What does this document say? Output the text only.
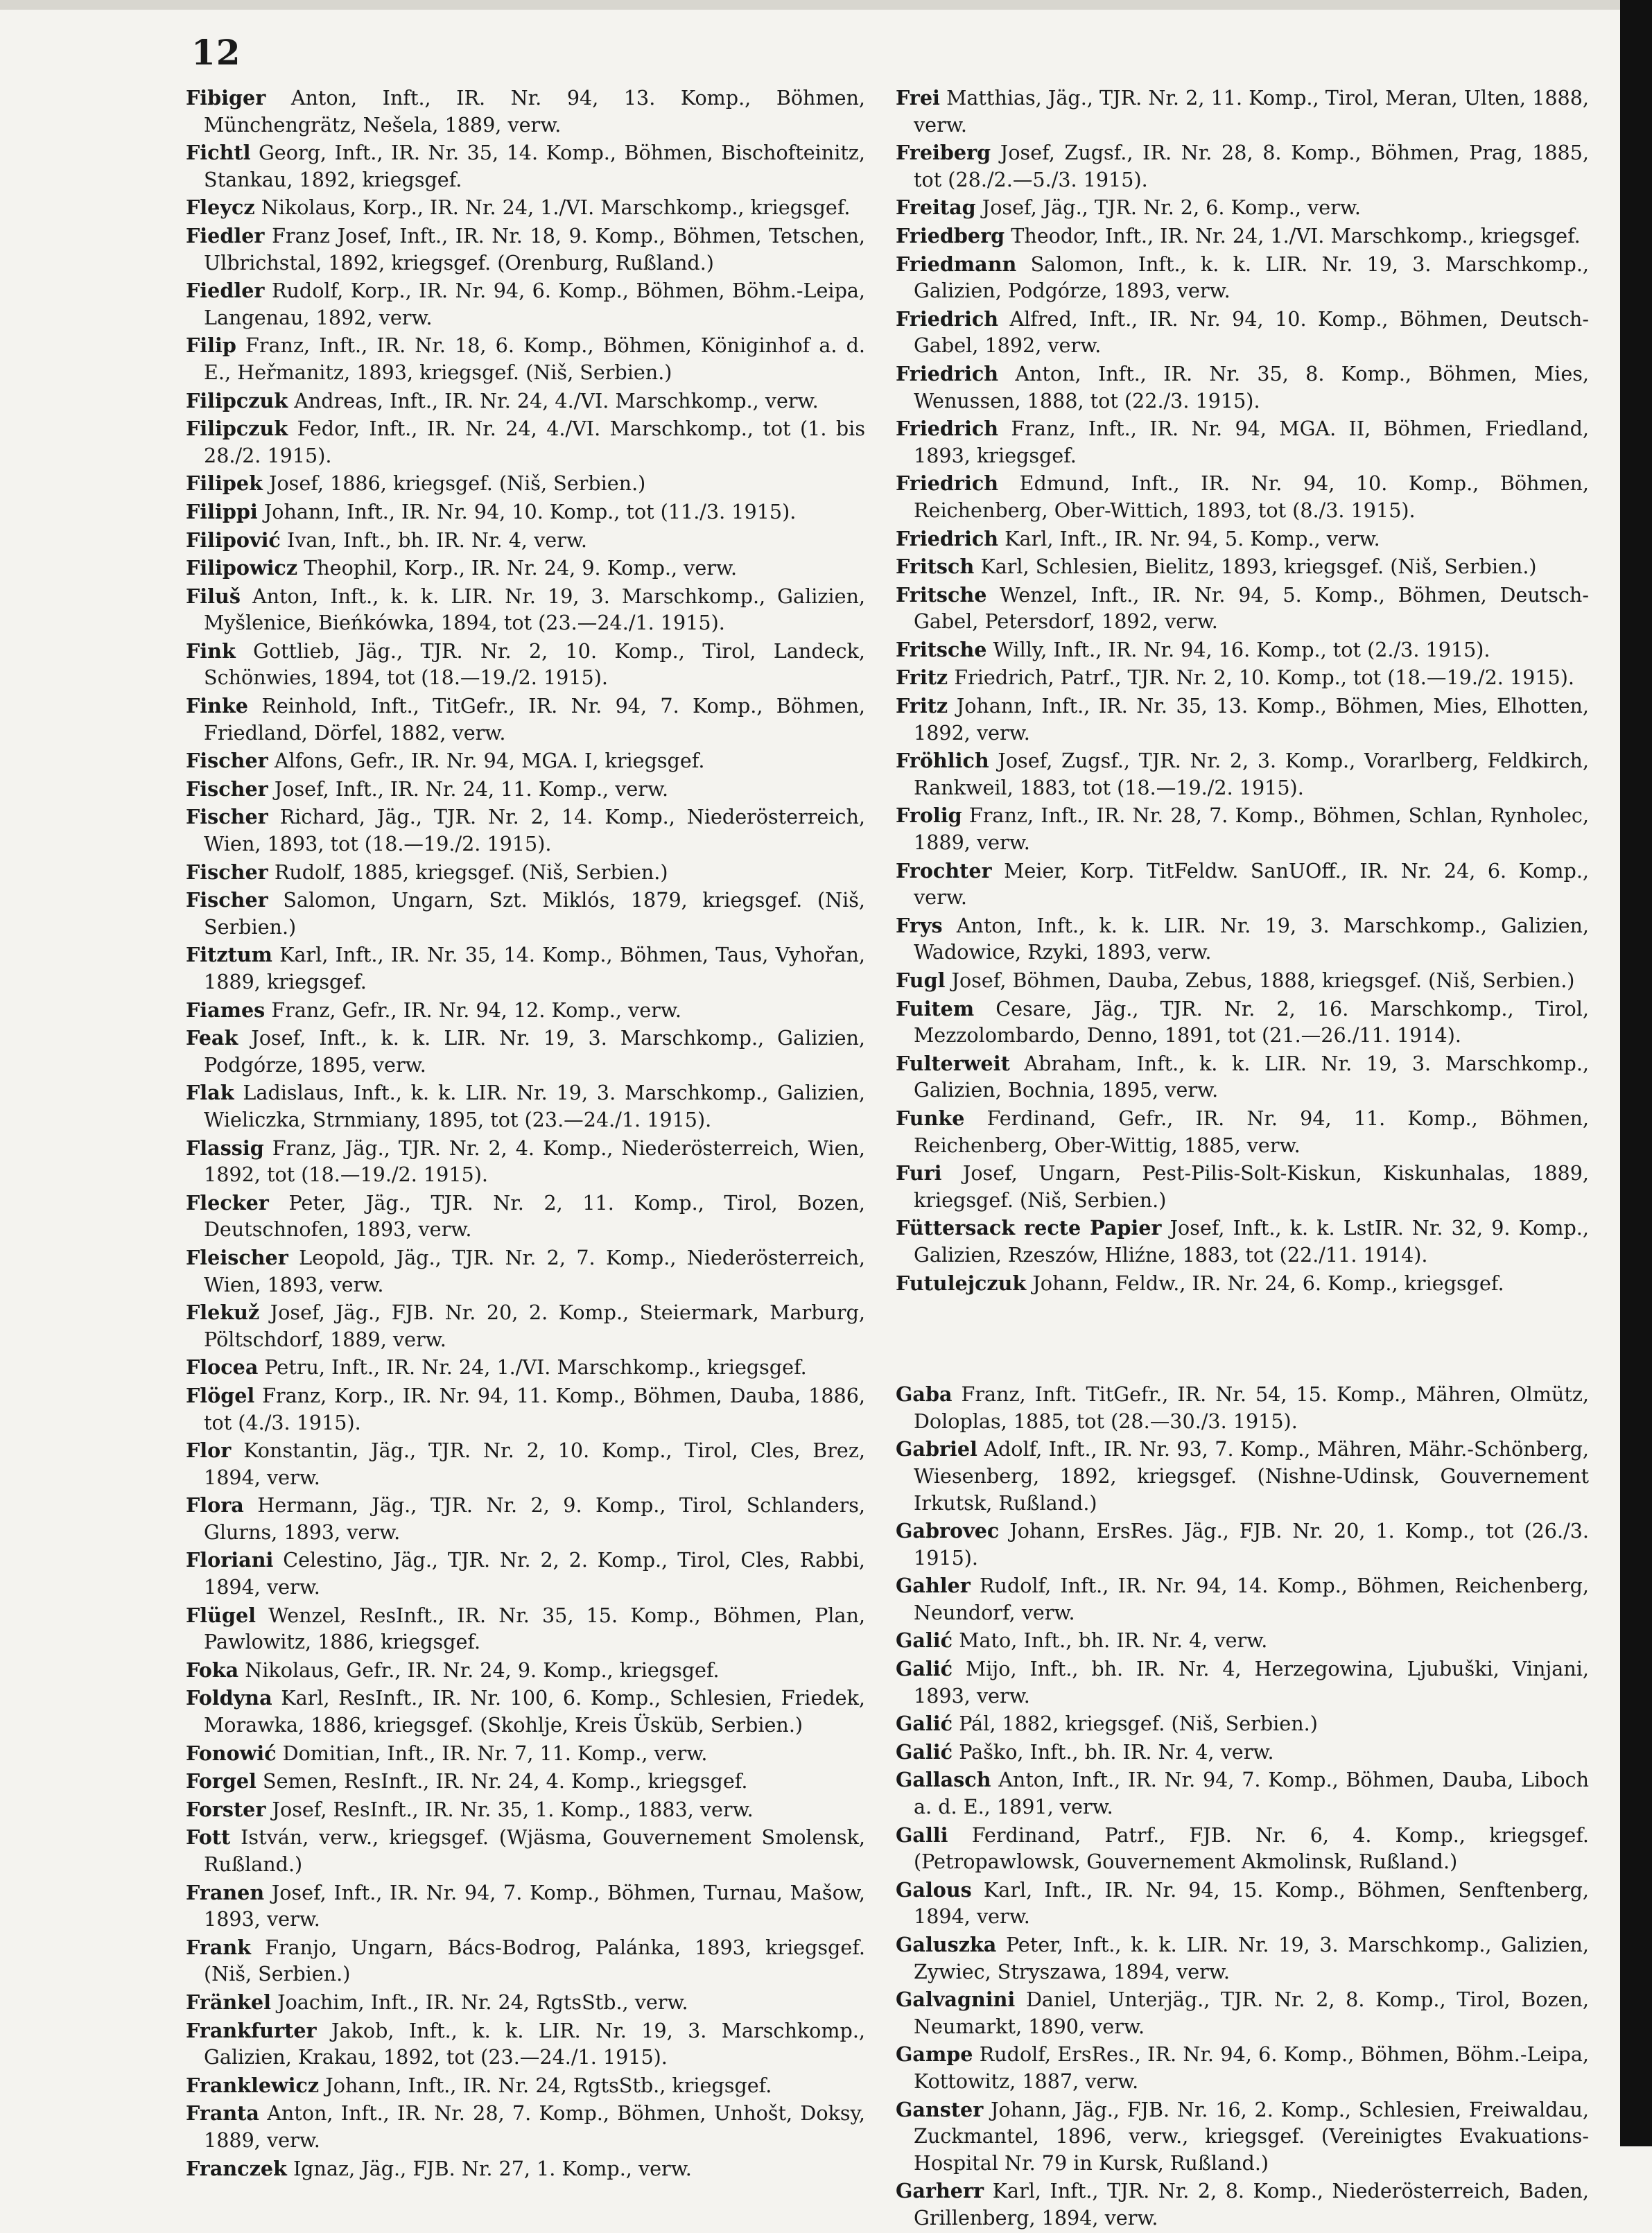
12
Fibiger Anton, Inft., IR. Nr. 94, 13. Komp., Böhmen, Münchengrätz, Nešela, 1889, verw.
Fichtl Georg, Inft., IR. Nr. 35, 14. Komp., Böhmen, Bischofteinitz, Stankau, 1892, kriegsgef.
Fleycz Nikolaus, Korp., IR. Nr. 24, 1./VI. Marschkomp., kriegsgef.
Fiedler Franz Josef, Inft., IR. Nr. 18, 9. Komp., Böhmen, Tetschen, Ulbrichstal, 1892, kriegsgef. (Orenburg, Rußland.)
Fiedler Rudolf, Korp., IR. Nr. 94, 6. Komp., Böhmen, Böhm.-Leipa, Langenau, 1892, verw.
Filip Franz, Inft., IR. Nr. 18, 6. Komp., Böhmen, Königinhof a. d. E., Heřmanitz, 1893, kriegsgef. (Niš, Serbien.)
Filipczuk Andreas, Inft., IR. Nr. 24, 4./VI. Marschkomp., verw.
Filipczuk Fedor, Inft., IR. Nr. 24, 4./VI. Marschkomp., tot (1. bis 28./2. 1915).
Filipek Josef, 1886, kriegsgef. (Niš, Serbien.)
Filippi Johann, Inft., IR. Nr. 94, 10. Komp., tot (11./3. 1915).
Filipović Ivan, Inft., bh. IR. Nr. 4, verw.
Filipowicz Theophil, Korp., IR. Nr. 24, 9. Komp., verw.
Filuš Anton, Inft., k. k. LIR. Nr. 19, 3. Marschkomp., Galizien, Myšlenice, Bieńkówka, 1894, tot (23.—24./1. 1915).
Fink Gottlieb, Jäg., TJR. Nr. 2, 10. Komp., Tirol, Landeck, Schönwies, 1894, tot (18.—19./2. 1915).
Finke Reinhold, Inft., TitGefr., IR. Nr. 94, 7. Komp., Böhmen, Friedland, Dörfel, 1882, verw.
Fischer Alfons, Gefr., IR. Nr. 94, MGA. I, kriegsgef.
Fischer Josef, Inft., IR. Nr. 24, 11. Komp., verw.
Fischer Richard, Jäg., TJR. Nr. 2, 14. Komp., Niederösterreich, Wien, 1893, tot (18.—19./2. 1915).
Fischer Rudolf, 1885, kriegsgef. (Niš, Serbien.)
Fischer Salomon, Ungarn, Szt. Miklós, 1879, kriegsgef. (Niš, Serbien.)
Fitztum Karl, Inft., IR. Nr. 35, 14. Komp., Böhmen, Taus, Vyhořan, 1889, kriegsgef.
Fiames Franz, Gefr., IR. Nr. 94, 12. Komp., verw.
Feak Josef, Inft., k. k. LIR. Nr. 19, 3. Marschkomp., Galizien, Podgórze, 1895, verw.
Flak Ladislaus, Inft., k. k. LIR. Nr. 19, 3. Marschkomp., Galizien, Wieliczka, Strnmiany, 1895, tot (23.—24./1. 1915).
Flassig Franz, Jäg., TJR. Nr. 2, 4. Komp., Niederösterreich, Wien, 1892, tot (18.—19./2. 1915).
Flecker Peter, Jäg., TJR. Nr. 2, 11. Komp., Tirol, Bozen, Deutschnofen, 1893, verw.
Fleischer Leopold, Jäg., TJR. Nr. 2, 7. Komp., Niederösterreich, Wien, 1893, verw.
Flekuž Josef, Jäg., FJB. Nr. 20, 2. Komp., Steiermark, Marburg, Pöltschdorf, 1889, verw.
Flocea Petru, Inft., IR. Nr. 24, 1./VI. Marschkomp., kriegsgef.
Flögel Franz, Korp., IR. Nr. 94, 11. Komp., Böhmen, Dauba, 1886, tot (4./3. 1915).
Flor Konstantin, Jäg., TJR. Nr. 2, 10. Komp., Tirol, Cles, Brez, 1894, verw.
Flora Hermann, Jäg., TJR. Nr. 2, 9. Komp., Tirol, Schlanders, Glurns, 1893, verw.
Floriani Celestino, Jäg., TJR. Nr. 2, 2. Komp., Tirol, Cles, Rabbi, 1894, verw.
Flügel Wenzel, ResInft., IR. Nr. 35, 15. Komp., Böhmen, Plan, Pawlowitz, 1886, kriegsgef.
Foka Nikolaus, Gefr., IR. Nr. 24, 9. Komp., kriegsgef.
Foldyna Karl, ResInft., IR. Nr. 100, 6. Komp., Schlesien, Friedek, Morawka, 1886, kriegsgef. (Skohlje, Kreis Üsküb, Serbien.)
Fonowić Domitian, Inft., IR. Nr. 7, 11. Komp., verw.
Forgel Semen, ResInft., IR. Nr. 24, 4. Komp., kriegsgef.
Forster Josef, ResInft., IR. Nr. 35, 1. Komp., 1883, verw.
Fott István, verw., kriegsgef. (Wjäsma, Gouvernement Smolensk, Rußland.)
Franen Josef, Inft., IR. Nr. 94, 7. Komp., Böhmen, Turnau, Mašow, 1893, verw.
Frank Franjo, Ungarn, Bács-Bodrog, Palánka, 1893, kriegsgef. (Niš, Serbien.)
Fränkel Joachim, Inft., IR. Nr. 24, RgtsStb., verw.
Frankfurter Jakob, Inft., k. k. LIR. Nr. 19, 3. Marschkomp., Galizien, Krakau, 1892, tot (23.—24./1. 1915).
Franklewicz Johann, Inft., IR. Nr. 24, RgtsStb., kriegsgef.
Franta Anton, Inft., IR. Nr. 28, 7. Komp., Böhmen, Unhošt, Doksy, 1889, verw.
Franczek Ignaz, Jäg., FJB. Nr. 27, 1. Komp., verw.
Frei Matthias, Jäg., TJR. Nr. 2, 11. Komp., Tirol, Meran, Ulten, 1888, verw.
Freiberg Josef, Zugsf., IR. Nr. 28, 8. Komp., Böhmen, Prag, 1885, tot (28./2.—5./3. 1915).
Freitag Josef, Jäg., TJR. Nr. 2, 6. Komp., verw.
Friedberg Theodor, Inft., IR. Nr. 24, 1./VI. Marschkomp., kriegsgef.
Friedmann Salomon, Inft., k. k. LIR. Nr. 19, 3. Marschkomp., Galizien, Podgórze, 1893, verw.
Friedrich Alfred, Inft., IR. Nr. 94, 10. Komp., Böhmen, Deutsch-Gabel, 1892, verw.
Friedrich Anton, Inft., IR. Nr. 35, 8. Komp., Böhmen, Mies, Wenussen, 1888, tot (22./3. 1915).
Friedrich Franz, Inft., IR. Nr. 94, MGA. II, Böhmen, Friedland, 1893, kriegsgef.
Friedrich Edmund, Inft., IR. Nr. 94, 10. Komp., Böhmen, Reichenberg, Ober-Wittich, 1893, tot (8./3. 1915).
Friedrich Karl, Inft., IR. Nr. 94, 5. Komp., verw.
Fritsch Karl, Schlesien, Bielitz, 1893, kriegsgef. (Niš, Serbien.)
Fritsche Wenzel, Inft., IR. Nr. 94, 5. Komp., Böhmen, Deutsch-Gabel, Petersdorf, 1892, verw.
Fritsche Willy, Inft., IR. Nr. 94, 16. Komp., tot (2./3. 1915).
Fritz Friedrich, Patrf., TJR. Nr. 2, 10. Komp., tot (18.—19./2. 1915).
Fritz Johann, Inft., IR. Nr. 35, 13. Komp., Böhmen, Mies, Elhotten, 1892, verw.
Fröhlich Josef, Zugsf., TJR. Nr. 2, 3. Komp., Vorarlberg, Feldkirch, Rankweil, 1883, tot (18.—19./2. 1915).
Frolig Franz, Inft., IR. Nr. 28, 7. Komp., Böhmen, Schlan, Rynholec, 1889, verw.
Frochter Meier, Korp. TitFeldw. SanUOff., IR. Nr. 24, 6. Komp., verw.
Frys Anton, Inft., k. k. LIR. Nr. 19, 3. Marschkomp., Galizien, Wadowice, Rzyki, 1893, verw.
Fugl Josef, Böhmen, Dauba, Zebus, 1888, kriegsgef. (Niš, Serbien.)
Fuitem Cesare, Jäg., TJR. Nr. 2, 16. Marschkomp., Tirol, Mezzolombardo, Denno, 1891, tot (21.—26./11. 1914).
Fulterweit Abraham, Inft., k. k. LIR. Nr. 19, 3. Marschkomp., Galizien, Bochnia, 1895, verw.
Funke Ferdinand, Gefr., IR. Nr. 94, 11. Komp., Böhmen, Reichenberg, Ober-Wittig, 1885, verw.
Furi Josef, Ungarn, Pest-Pilis-Solt-Kiskun, Kiskunhalas, 1889, kriegsgef. (Niš, Serbien.)
Füttersack recte Papier Josef, Inft., k. k. LstIR. Nr. 32, 9. Komp., Galizien, Rzeszów, Hliźne, 1883, tot (22./11. 1914).
Futulejczuk Johann, Feldw., IR. Nr. 24, 6. Komp., kriegsgef.
Gaba Franz, Inft. TitGefr., IR. Nr. 54, 15. Komp., Mähren, Olmütz, Doloplas, 1885, tot (28.—30./3. 1915).
Gabriel Adolf, Inft., IR. Nr. 93, 7. Komp., Mähren, Mähr.-Schönberg, Wiesenberg, 1892, kriegsgef. (Nishne-Udinsk, Gouvernement Irkutsk, Rußland.)
Gabrovec Johann, ErsRes. Jäg., FJB. Nr. 20, 1. Komp., tot (26./3. 1915).
Gahler Rudolf, Inft., IR. Nr. 94, 14. Komp., Böhmen, Reichenberg, Neundorf, verw.
Galić Mato, Inft., bh. IR. Nr. 4, verw.
Galić Mijo, Inft., bh. IR. Nr. 4, Herzegowina, Ljubuški, Vinjani, 1893, verw.
Galić Pál, 1882, kriegsgef. (Niš, Serbien.)
Galić Paško, Inft., bh. IR. Nr. 4, verw.
Gallasch Anton, Inft., IR. Nr. 94, 7. Komp., Böhmen, Dauba, Liboch a. d. E., 1891, verw.
Galli Ferdinand, Patrf., FJB. Nr. 6, 4. Komp., kriegsgef. (Petropawlowsk, Gouvernement Akmolinsk, Rußland.)
Galous Karl, Inft., IR. Nr. 94, 15. Komp., Böhmen, Senftenberg, 1894, verw.
Galuszka Peter, Inft., k. k. LIR. Nr. 19, 3. Marschkomp., Galizien, Zywiec, Stryszawa, 1894, verw.
Galvagnini Daniel, Unterjäg., TJR. Nr. 2, 8. Komp., Tirol, Bozen, Neumarkt, 1890, verw.
Gampe Rudolf, ErsRes., IR. Nr. 94, 6. Komp., Böhmen, Böhm.-Leipa, Kottowitz, 1887, verw.
Ganster Johann, Jäg., FJB. Nr. 16, 2. Komp., Schlesien, Freiwaldau, Zuckmantel, 1896, verw., kriegsgef. (Vereinigtes Evakuations-Hospital Nr. 79 in Kursk, Rußland.)
Garherr Karl, Inft., TJR. Nr. 2, 8. Komp., Niederösterreich, Baden, Grillenberg, 1894, verw.
